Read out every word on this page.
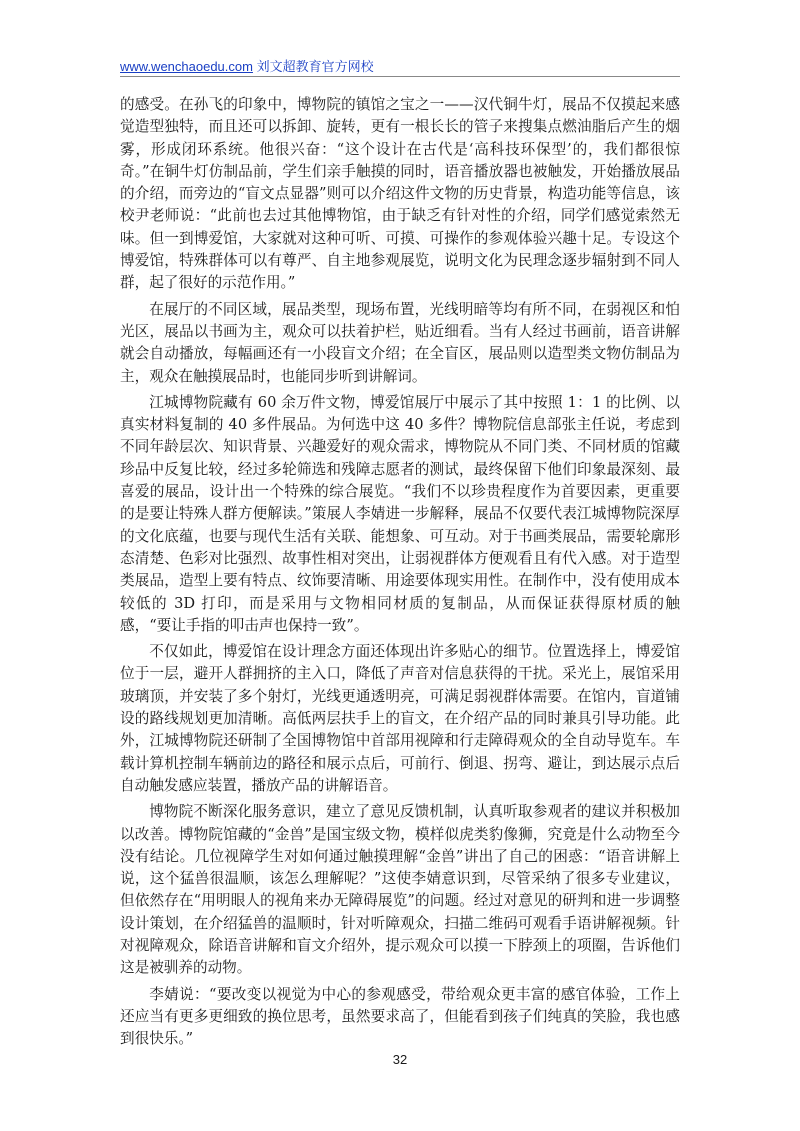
www.wenchaoedu.com 刘文超教育官方网校

的感受。在孙飞的印象中，博物院的镇馆之宝之一——汉代铜牛灯，展品不仅摸起来感觉造型独特，而且还可以拆卸、旋转，更有一根长长的管子来搜集点燃油脂后产生的烟雾，形成闭环系统。他很兴奋：“这个设计在古代是‘高科技环保型’的，我们都很惊奇。”在铜牛灯仿制品前，学生们亲手触摸的同时，语音播放器也被触发，开始播放展品的介绍，而旁边的“盲文点显器”则可以介绍这件文物的历史背景，构造功能等信息，该校尹老师说：“此前也去过其他博物馆，由于缺乏有针对性的介绍，同学们感觉索然无味。但一到博爱馆，大家就对这种可听、可摸、可操作的参观体验兴趣十足。专设这个博爱馆，特殊群体可以有尊严、自主地参观展览，说明文化为民理念逐步辐射到不同人群，起了很好的示范作用。”

在展厅的不同区域，展品类型，现场布置，光线明暗等均有所不同，在弱视区和怕光区，展品以书画为主，观众可以扶着护栏，贴近细看。当有人经过书画前，语音讲解就会自动播放，每幅画还有一小段盲文介绍；在全盲区，展品则以造型类文物仿制品为主，观众在触摸展品时，也能同步听到讲解词。

江城博物院藏有 60 余万件文物，博爱馆展厅中展示了其中按照 1：1 的比例、以真实材料复制的 40 多件展品。为何选中这 40 多件？博物院信息部张主任说，考虑到不同年龄层次、知识背景、兴趣爱好的观众需求，博物院从不同门类、不同材质的馆藏珍品中反复比较，经过多轮筛选和残障志愿者的测试，最终保留下他们印象最深刻、最喜爱的展品，设计出一个特殊的综合展览。“我们不以珍贵程度作为首要因素，更重要的是要让特殊人群方便解读。”策展人李婧进一步解释，展品不仅要代表江城博物院深厚的文化底蕴，也要与现代生活有关联、能想象、可互动。对于书画类展品，需要轮廓形态清楚、色彩对比强烈、故事性相对突出，让弱视群体方便观看且有代入感。对于造型类展品，造型上要有特点、纹饰要清晰、用途要体现实用性。在制作中，没有使用成本较低的 3D 打印，而是采用与文物相同材质的复制品，从而保证获得原材质的触感，“要让手指的叩击声也保持一致”。

不仅如此，博爱馆在设计理念方面还体现出许多贴心的细节。位置选择上，博爱馆位于一层，避开人群拥挤的主入口，降低了声音对信息获得的干扰。采光上，展馆采用玻璃顶，并安装了多个射灯，光线更通透明亮，可满足弱视群体需要。在馆内，盲道铺设的路线规划更加清晰。高低两层扶手上的盲文，在介绍产品的同时兼具引导功能。此外，江城博物院还研制了全国博物馆中首部用视障和行走障碍观众的全自动导览车。车载计算机控制车辆前边的路径和展示点后，可前行、倒退、拐弯、避让，到达展示点后自动触发感应装置，播放产品的讲解语音。

博物院不断深化服务意识，建立了意见反馈机制，认真听取参观者的建议并积极加以改善。博物院馆藏的“金兽”是国宝级文物，模样似虎类豹像狮，究竟是什么动物至今没有结论。几位视障学生对如何通过触摸理解“金兽”讲出了自己的困惑：“语音讲解上说，这个猛兽很温顺，该怎么理解呢？”这使李婧意识到，尽管采纳了很多专业建议，但依然存在“用明眼人的视角来办无障碍展览”的问题。经过对意见的研判和进一步调整设计策划，在介绍猛兽的温顺时，针对听障观众，扫描二维码可观看手语讲解视频。针对视障观众，除语音讲解和盲文介绍外，提示观众可以摸一下脖颈上的项圈，告诉他们这是被驯养的动物。

李婧说：“要改变以视觉为中心的参观感受，带给观众更丰富的感官体验，工作上还应当有更多更细致的换位思考，虽然要求高了，但能看到孩子们纯真的笑脸，我也感到很快乐。”

32
